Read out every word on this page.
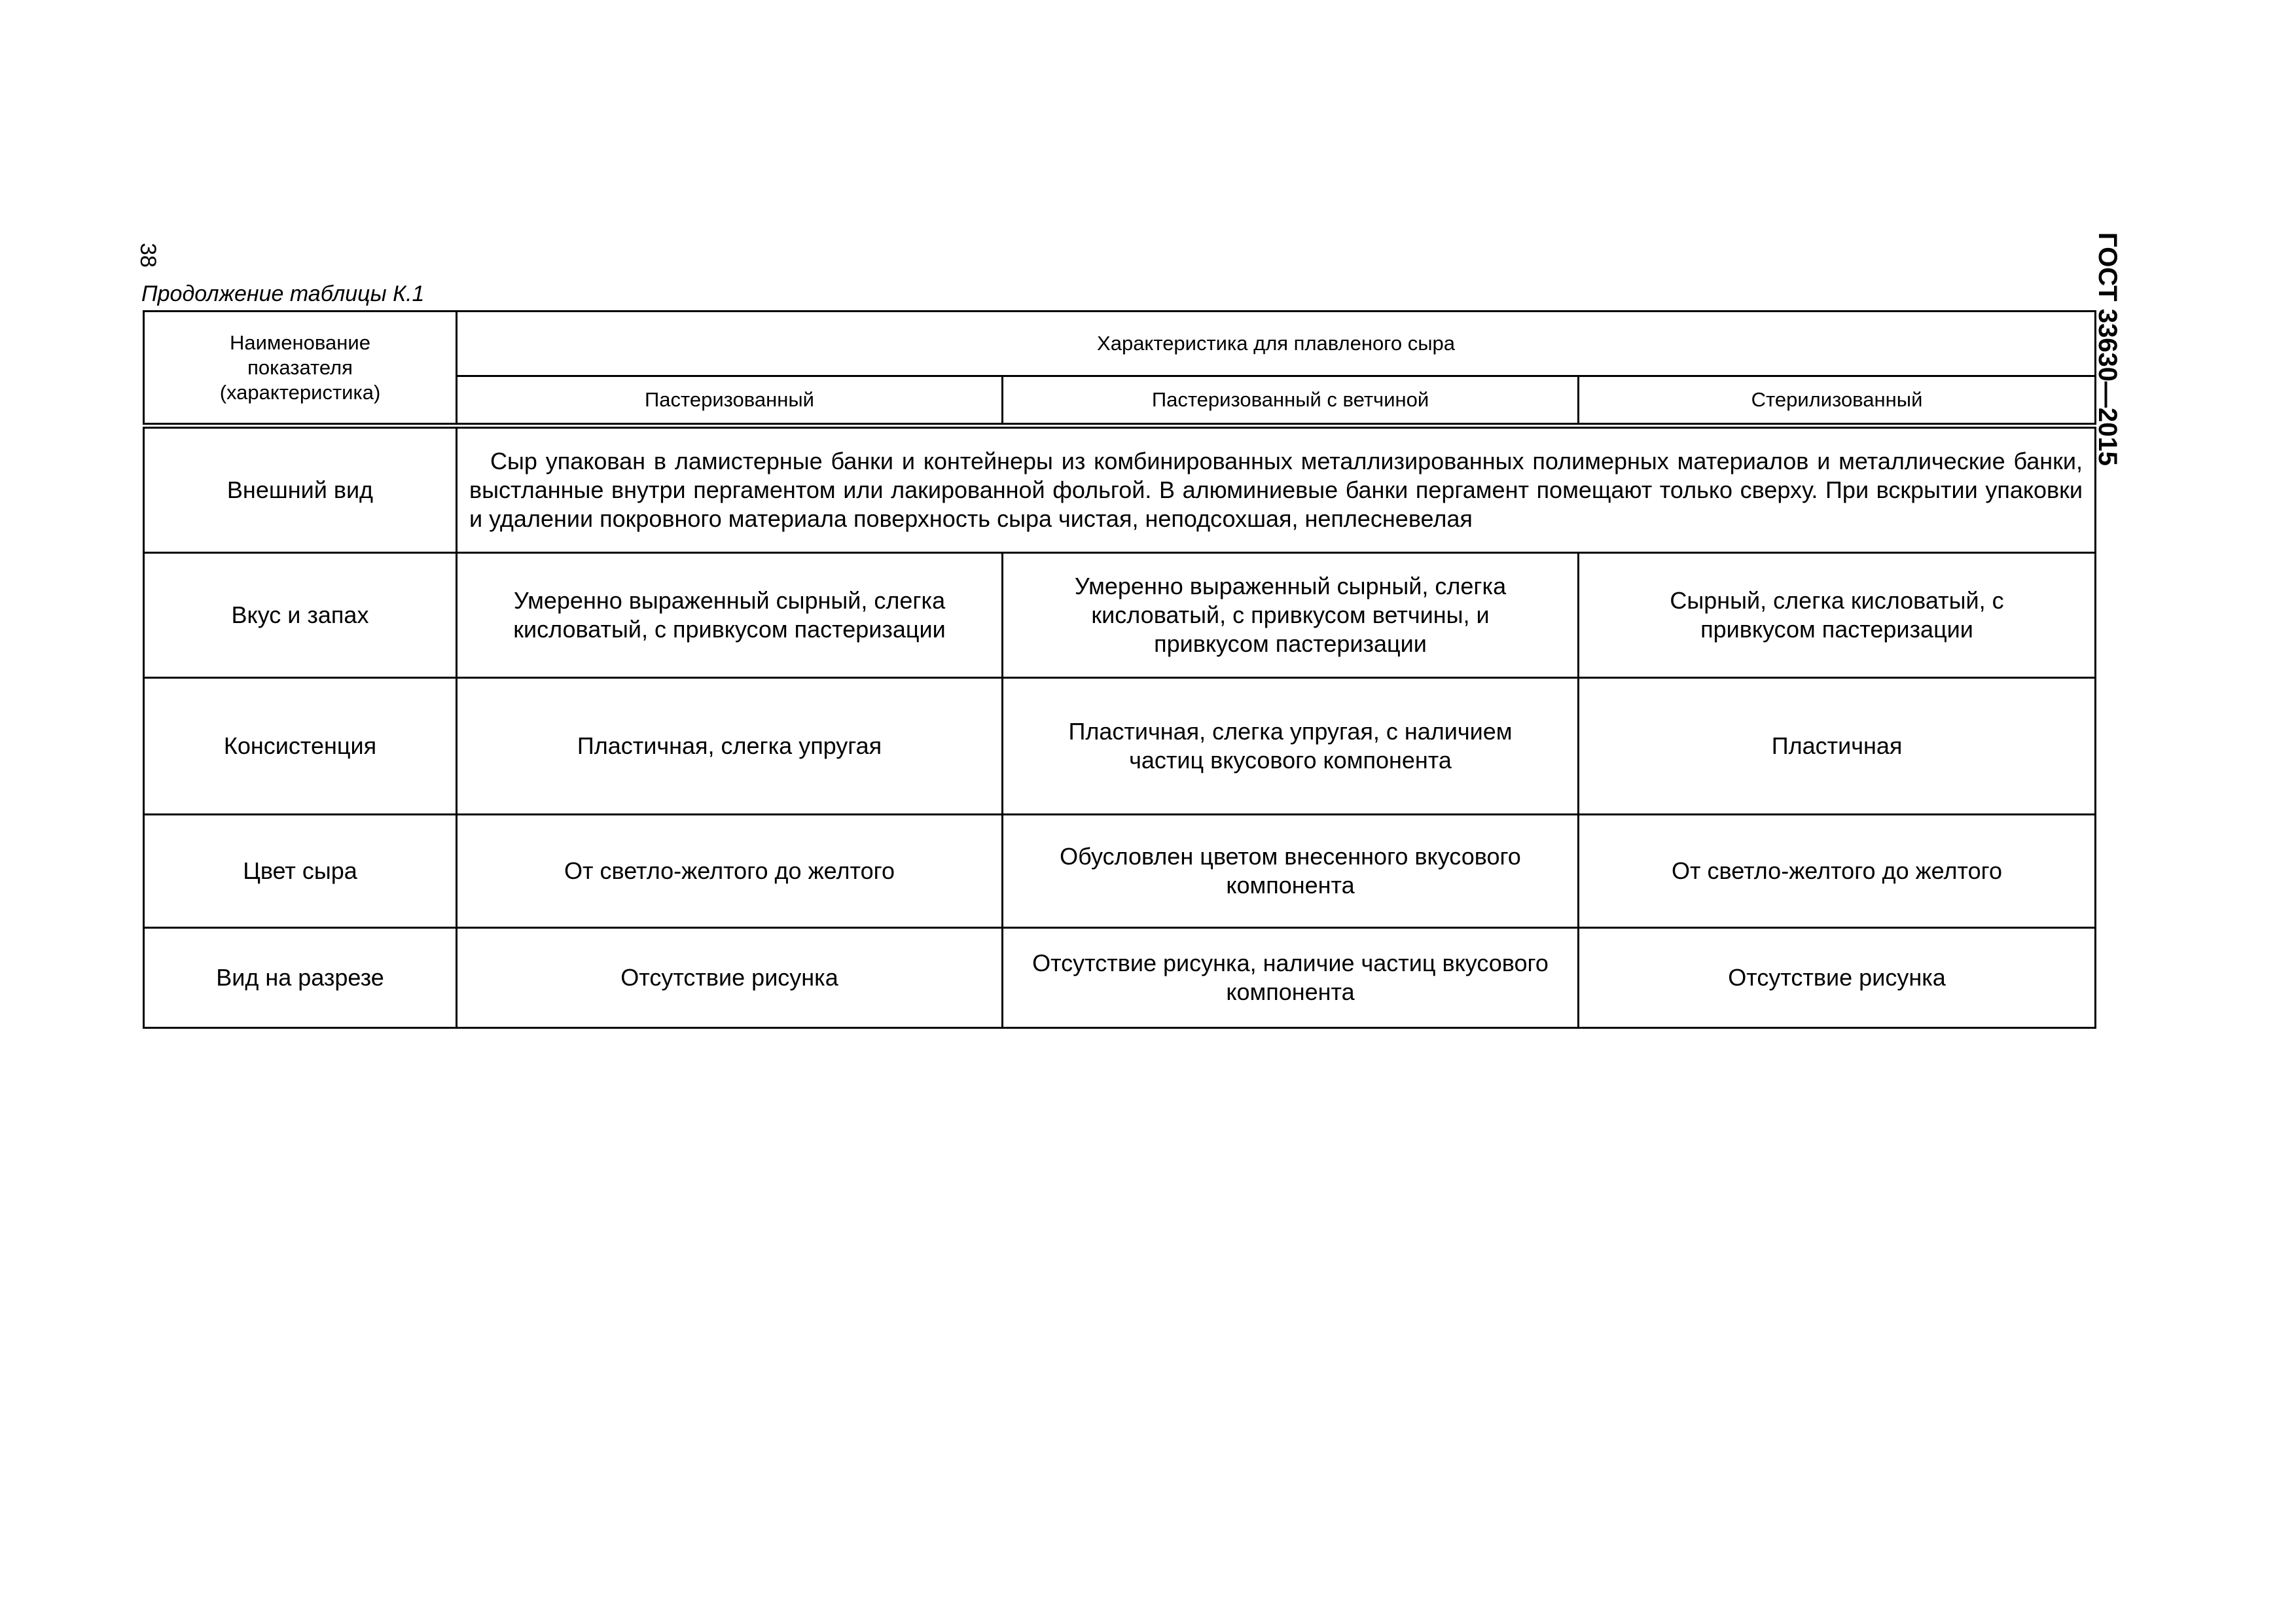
38	ГОСТ 33630—2015
Продолжение таблицы К.1
Наименование показателя (характеристика)	Характеристика для плавленого сыра		
	Пастеризованный	Пастеризованный с ветчиной	Стерилизованный
Внешний вид	Сыр упакован в ламистерные банки и контейнеры из комбинированных металлизированных полимерных материалов и металлические банки, выстланные внутри пергаментом или лакированной фольгой. В алюминиевые банки пергамент помещают только сверху. При вскрытии упаковки и удалении покровного материала поверхность сыра чистая, неподсохшая, неплесневелая		
Вкус и запах	Умеренно выраженный сырный, слегка кисловатый, с привкусом пастеризации	Умеренно выраженный сырный, слегка кисловатый, с привкусом ветчины, и привкусом пастеризации	Сырный, слегка кисловатый, с привкусом пастеризации
Консистенция	Пластичная, слегка упругая	Пластичная, слегка упругая, с наличием частиц вкусового компонента	Пластичная
Цвет сыра	От светло-желтого до желтого	Обусловлен цветом внесенного вкусового компонента	От светло-желтого до желтого
Вид на разрезе	Отсутствие рисунка	Отсутствие рисунка, наличие частиц вкусового компонента	Отсутствие рисунка
